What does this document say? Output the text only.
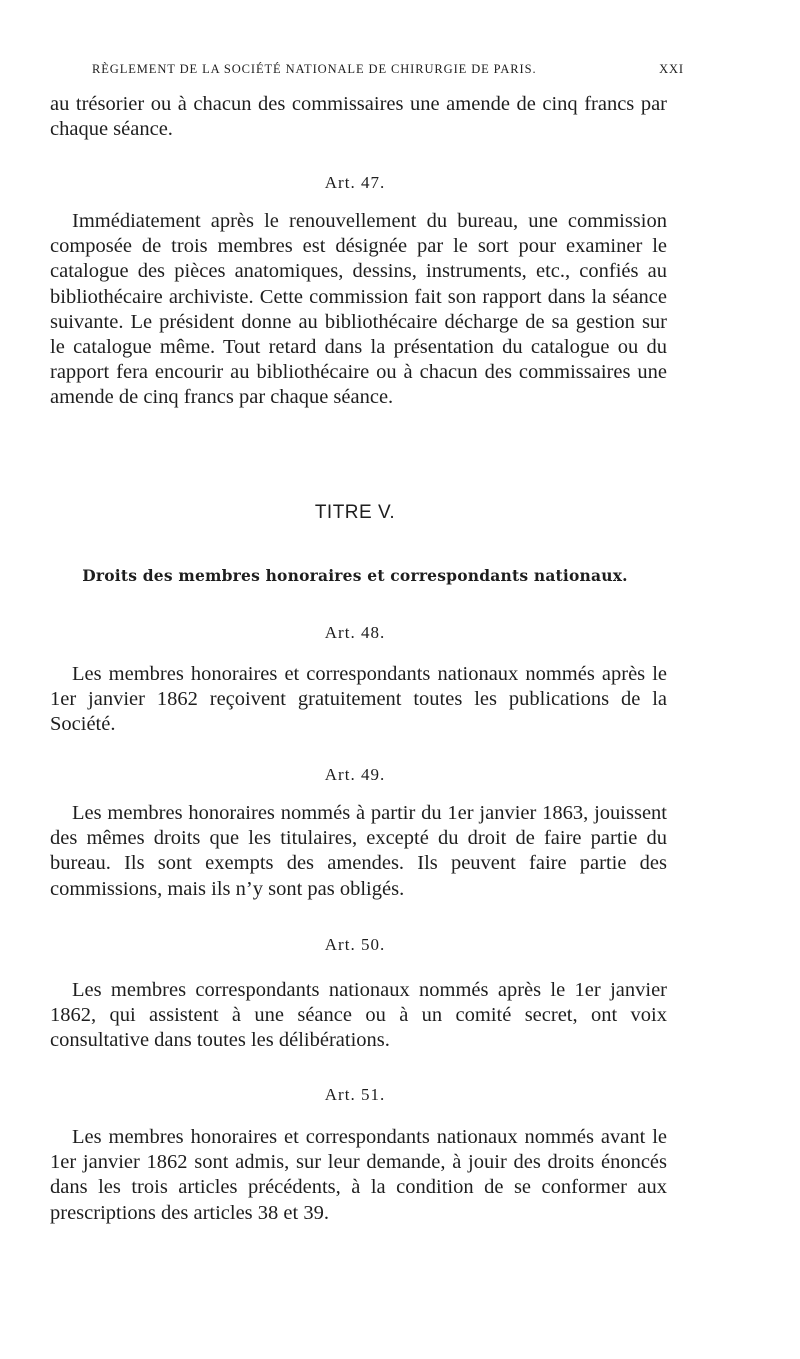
RÈGLEMENT DE LA SOCIÉTÉ NATIONALE DE CHIRURGIE DE PARIS.	XXI

au trésorier ou à chacun des commissaires une amende de cinq francs par chaque séance.

Art. 47.

Immédiatement après le renouvellement du bureau, une commission composée de trois membres est désignée par le sort pour examiner le catalogue des pièces anatomiques, dessins, instruments, etc., confiés au bibliothécaire archiviste. Cette commission fait son rapport dans la séance suivante. Le président donne au bibliothécaire décharge de sa gestion sur le catalogue même. Tout retard dans la présentation du catalogue ou du rapport fera encourir au bibliothécaire ou à chacun des commissaires une amende de cinq francs par chaque séance.

TITRE V.

Droits des membres honoraires et correspondants nationaux.

Art. 48.

Les membres honoraires et correspondants nationaux nommés après le 1er janvier 1862 reçoivent gratuitement toutes les publications de la Société.

Art. 49.

Les membres honoraires nommés à partir du 1er janvier 1863, jouissent des mêmes droits que les titulaires, excepté du droit de faire partie du bureau. Ils sont exempts des amendes. Ils peuvent faire partie des commissions, mais ils n’y sont pas obligés.

Art. 50.

Les membres correspondants nationaux nommés après le 1er janvier 1862, qui assistent à une séance ou à un comité secret, ont voix consultative dans toutes les délibérations.

Art. 51.

Les membres honoraires et correspondants nationaux nommés avant le 1er janvier 1862 sont admis, sur leur demande, à jouir des droits énoncés dans les trois articles précédents, à la condition de se conformer aux prescriptions des articles 38 et 39.
